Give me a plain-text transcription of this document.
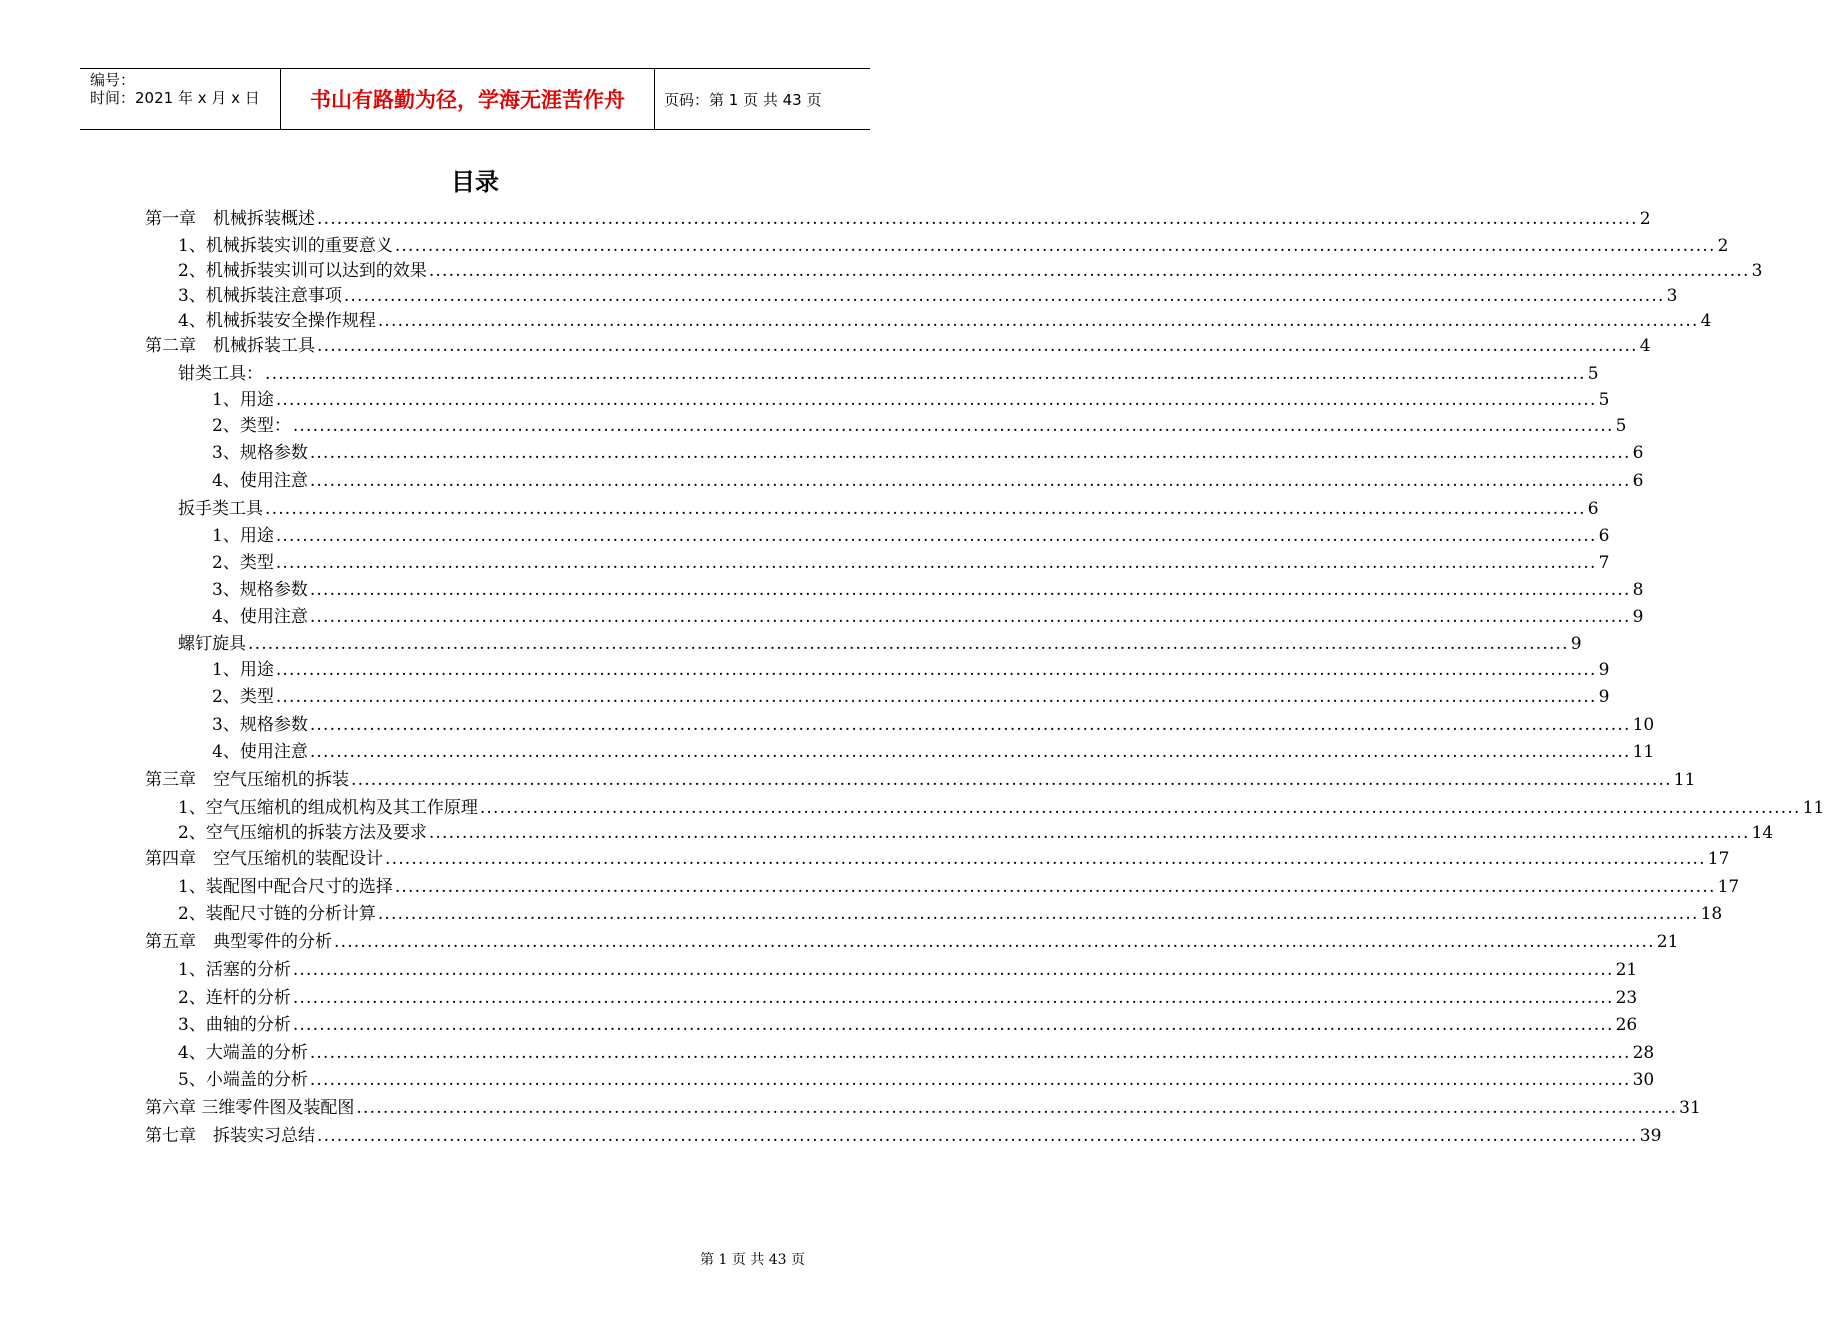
编号：
时间：2021 年 x 月 x 日 书山有路勤为径，学海无涯苦作舟	页码：第 1 页 共 43 页
目录
第一章　机械拆装概述 ........................................................................................................................................................................................................ 2
1、机械拆装实训的重要意义 ........................................................................................................................................................................................................ 2
2、机械拆装实训可以达到的效果 ........................................................................................................................................................................................................ 3
3、机械拆装注意事项 ........................................................................................................................................................................................................ 3
4、机械拆装安全操作规程 ........................................................................................................................................................................................................ 4
第二章　机械拆装工具 ........................................................................................................................................................................................................ 4
钳类工具： ........................................................................................................................................................................................................ 5
1、用途 ........................................................................................................................................................................................................ 5
2、类型： ........................................................................................................................................................................................................ 5
3、规格参数 ........................................................................................................................................................................................................ 6
4、使用注意 ........................................................................................................................................................................................................ 6
扳手类工具 ........................................................................................................................................................................................................ 6
1、用途 ........................................................................................................................................................................................................ 6
2、类型 ........................................................................................................................................................................................................ 7
3、规格参数 ........................................................................................................................................................................................................ 8
4、使用注意 ........................................................................................................................................................................................................ 9
螺钉旋具 ........................................................................................................................................................................................................ 9
1、用途 ........................................................................................................................................................................................................ 9
2、类型 ........................................................................................................................................................................................................ 9
3、规格参数 ........................................................................................................................................................................................................ 10
4、使用注意 ........................................................................................................................................................................................................ 11
第三章　空气压缩机的拆装 ........................................................................................................................................................................................................ 11
1、空气压缩机的组成机构及其工作原理 ........................................................................................................................................................................................................ 11
2、空气压缩机的拆装方法及要求 ........................................................................................................................................................................................................ 14
第四章　空气压缩机的装配设计 ........................................................................................................................................................................................................ 17
1、装配图中配合尺寸的选择 ........................................................................................................................................................................................................ 17
2、装配尺寸链的分析计算 ........................................................................................................................................................................................................ 18
第五章　典型零件的分析 ........................................................................................................................................................................................................ 21
1、活塞的分析 ........................................................................................................................................................................................................ 21
2、连杆的分析 ........................................................................................................................................................................................................ 23
3、曲轴的分析 ........................................................................................................................................................................................................ 26
4、大端盖的分析 ........................................................................................................................................................................................................ 28
5、小端盖的分析 ........................................................................................................................................................................................................ 30
第六章 三维零件图及装配图 ........................................................................................................................................................................................................ 31
第七章　拆装实习总结 ........................................................................................................................................................................................................ 39
第 1 页 共 43 页
